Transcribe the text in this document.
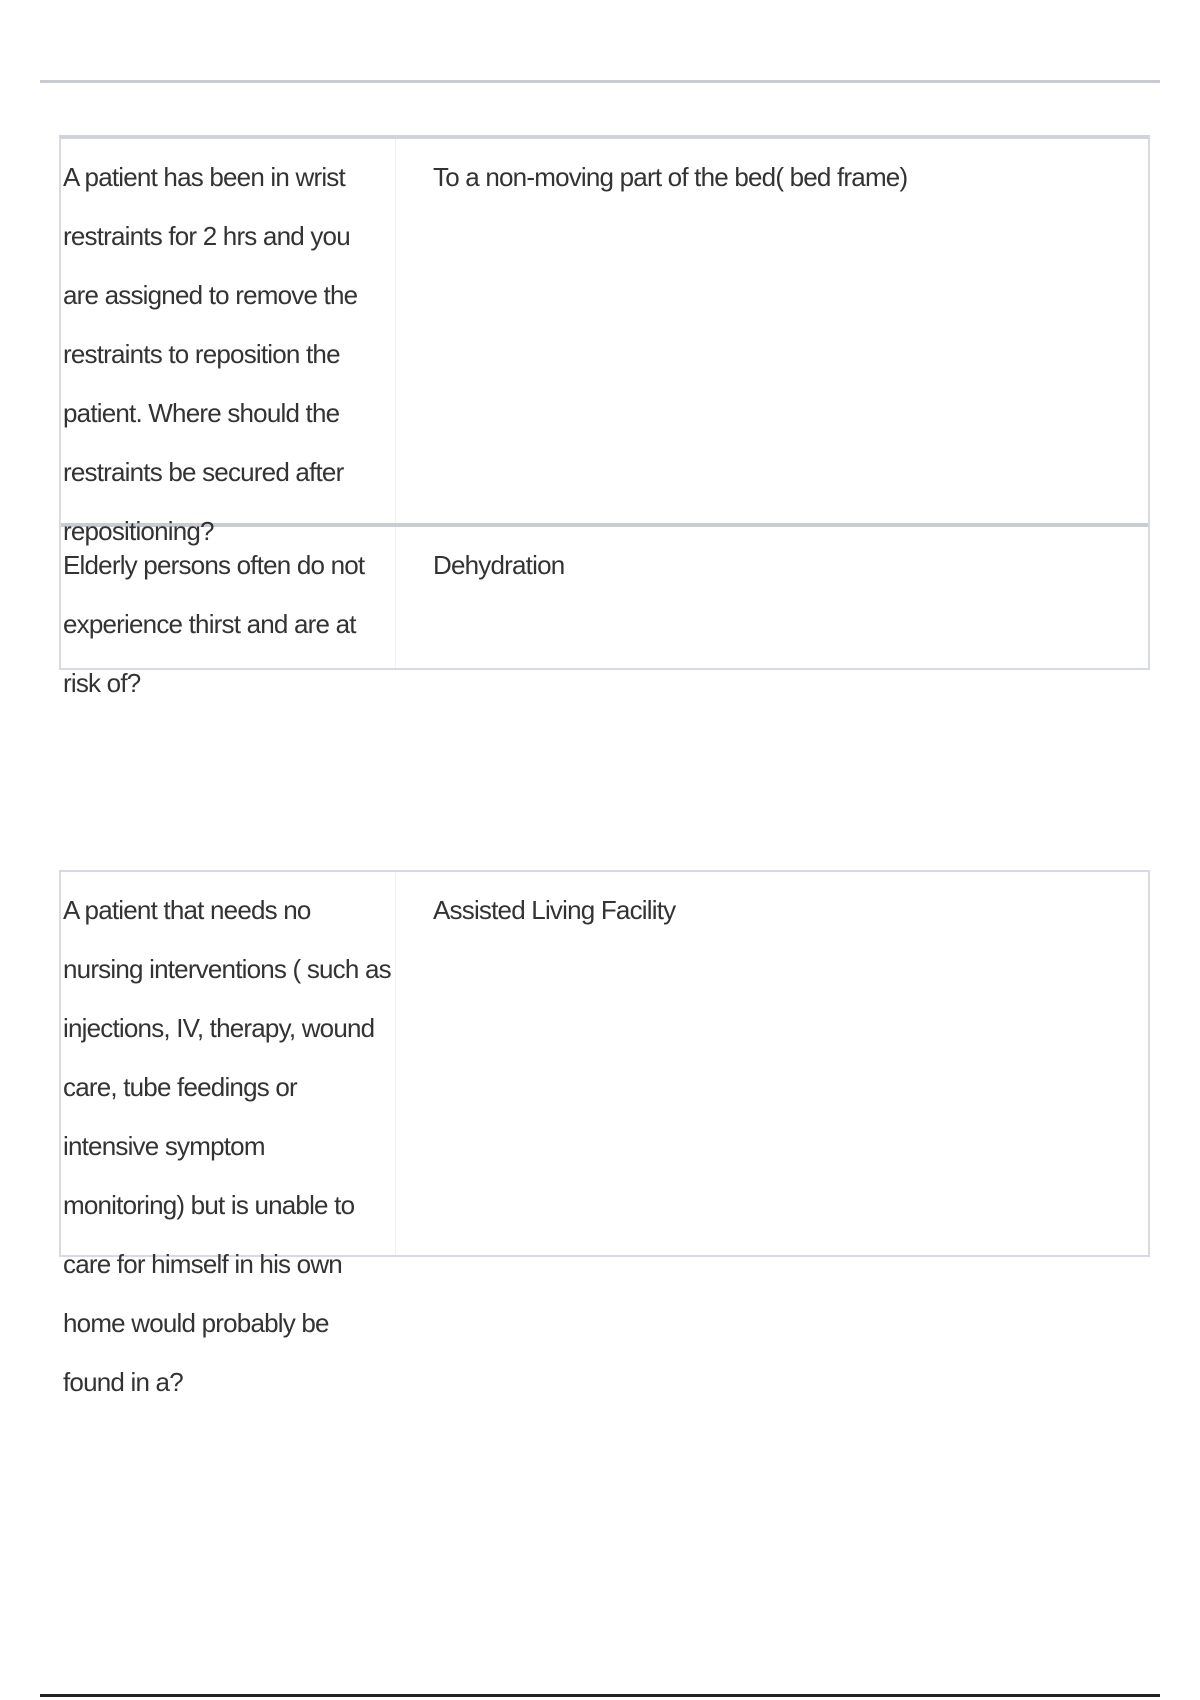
A patient has been in wrist restraints for 2 hrs and you are assigned to remove the restraints to reposition the patient. Where should the restraints be secured after repositioning?
To a non-moving part of the bed( bed frame)
Elderly persons often do not experience thirst and are at risk of?
Dehydration
A patient that needs no nursing interventions ( such as injections, IV, therapy, wound care, tube feedings or intensive symptom monitoring) but is unable to care for himself in his own home would probably be found in a?
Assisted Living Facility
